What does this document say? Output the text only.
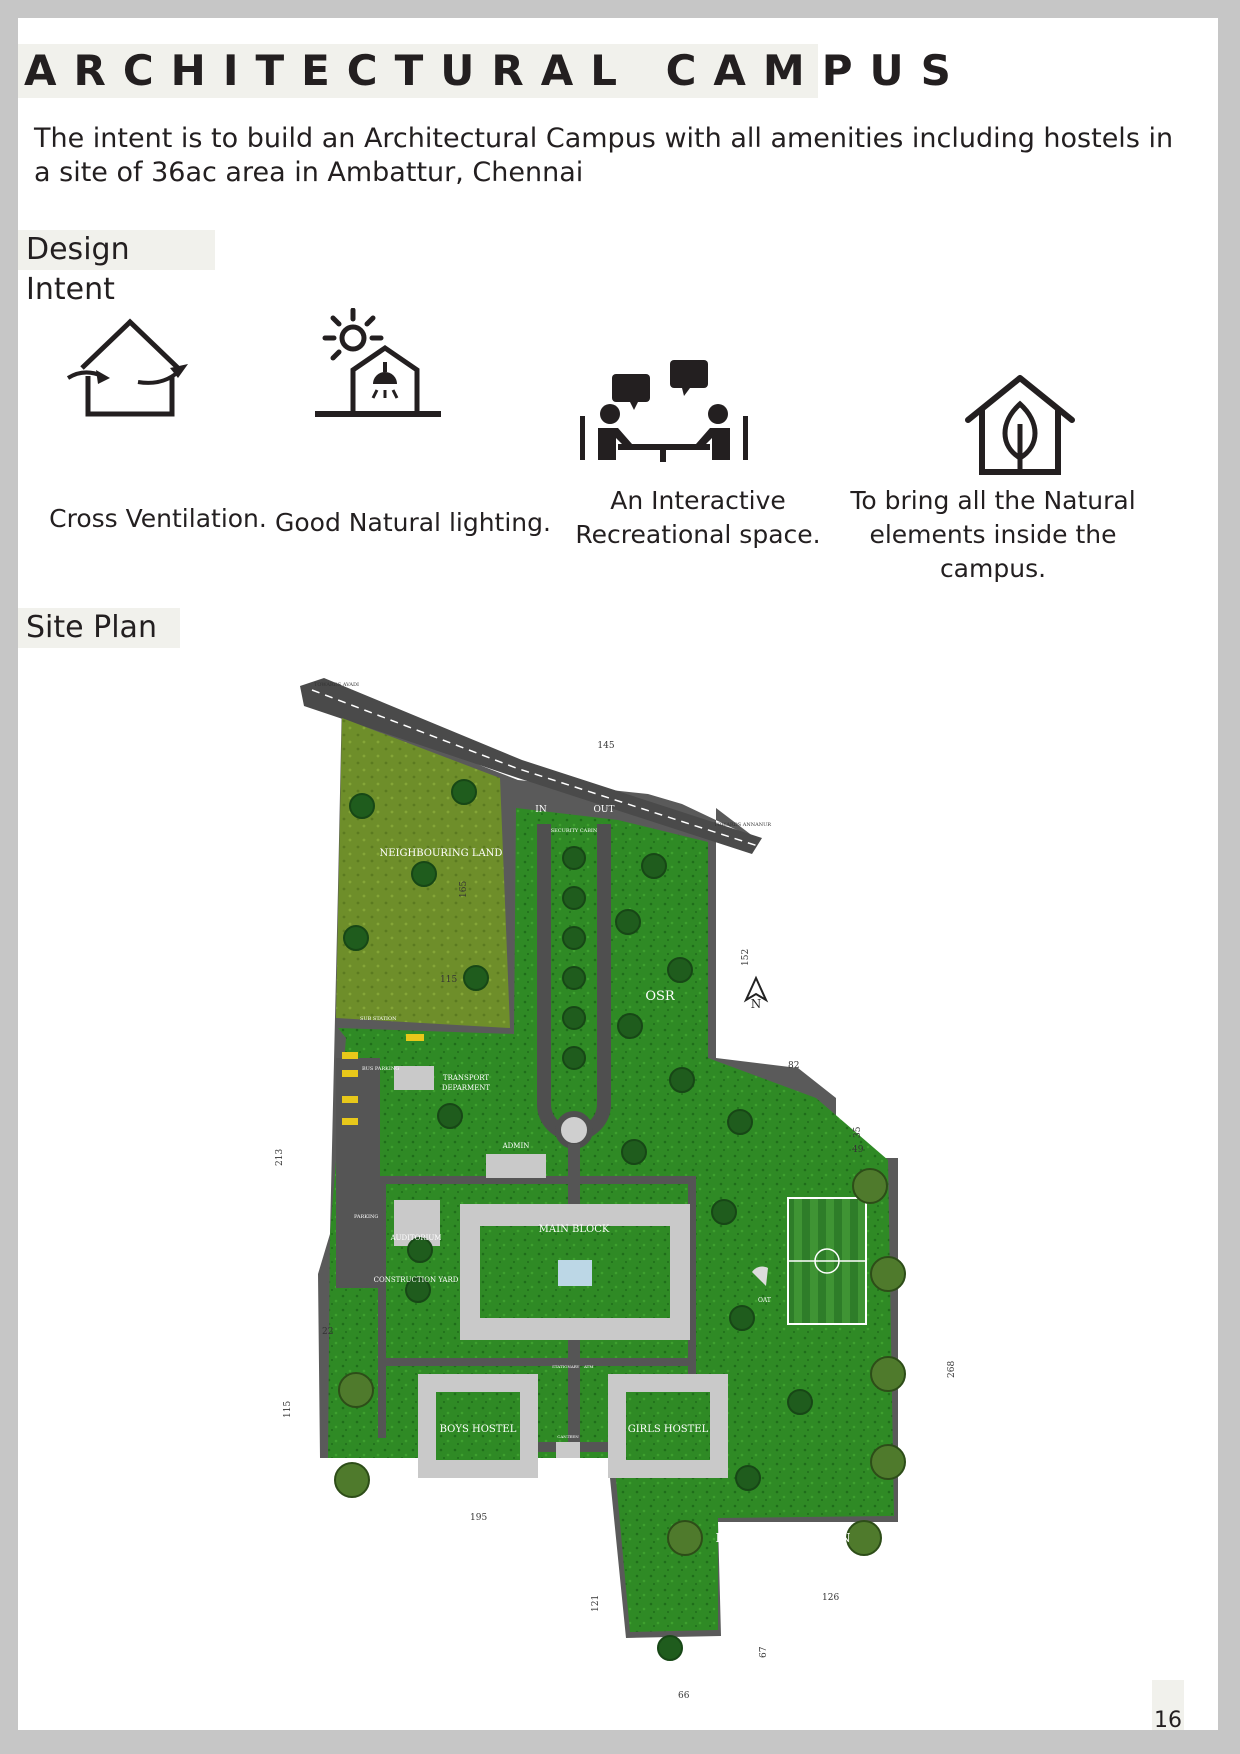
ARCHITECTURAL CAMPUS

The intent is to build an Architectural Campus with all amenities including hostels in a site of 36ac area in Ambattur, Chennai

Design Intent
Cross Ventilation. Good Natural lighting.
An Interactive
Recreational space.
To bring all the Natural
elements inside the campus.
Site Plan
NEIGHBOURING LAND
OSR
IN	OUT
SECURITY CABIN
SUB STATION
BUS PARKING
TRANSPORT
DEPARMENT
ADMIN
AUDITORIUM
MAIN BLOCK
CONSTRUCTION YARD
PARKING
OAT
STATIONARY ATM
CANTEEN
BOYS HOSTEL	GIRLS HOSTEL
FUTURE EXPANSION
TOWARDS AVADI
TOWARDS ANNANUR
N
145
115
82
49
22
195
126
66
165
152
35
213
115
268
121
67
16
